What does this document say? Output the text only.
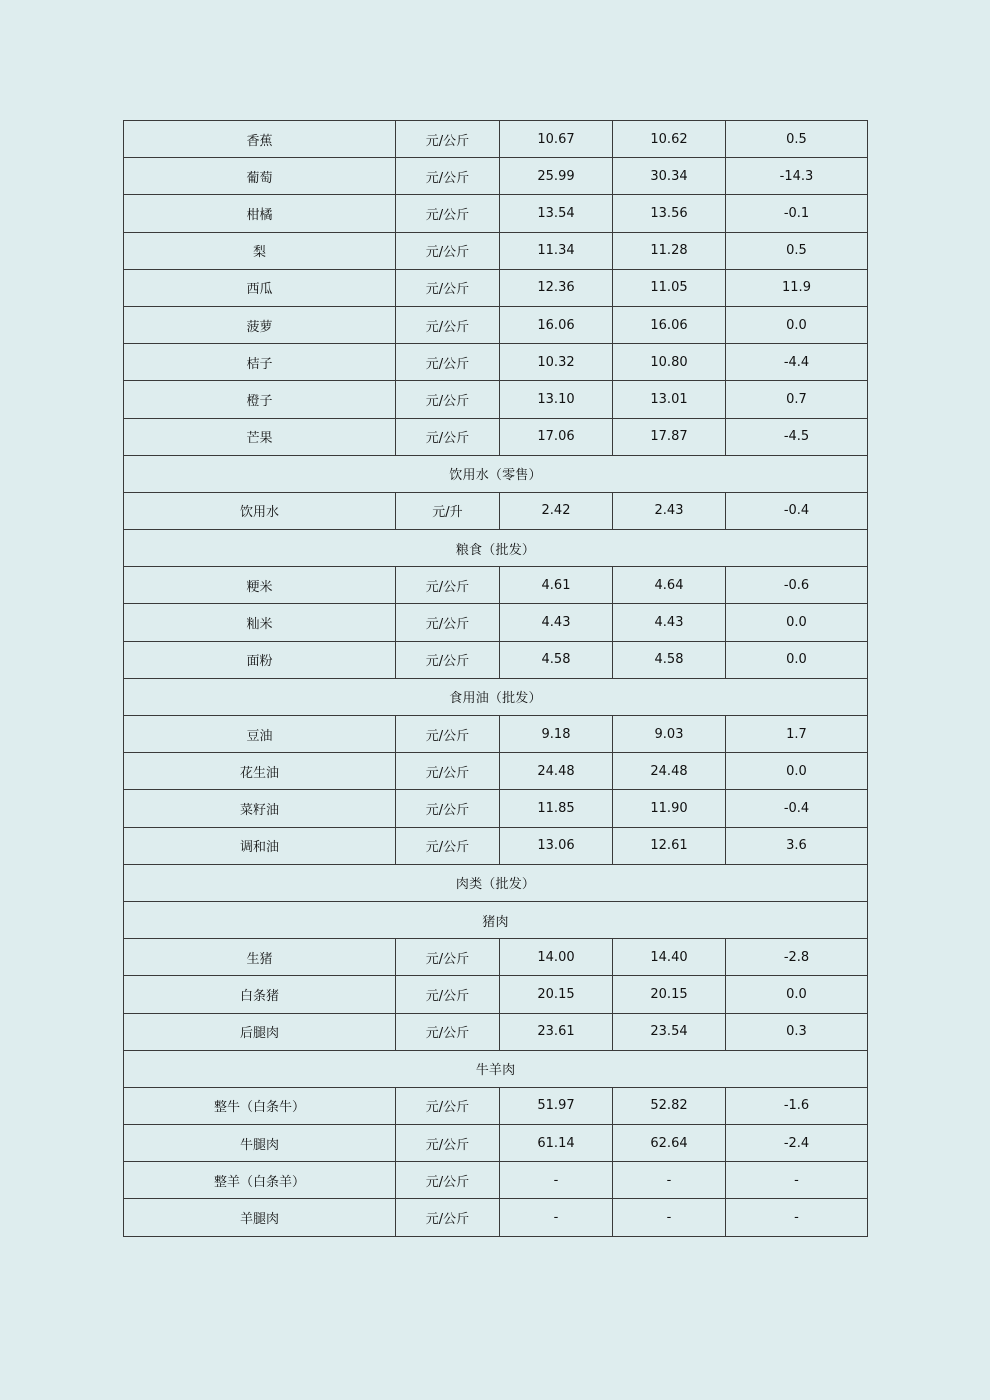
香蕉	元/公斤	10.67	10.62	0.5
葡萄	元/公斤	25.99	30.34	-14.3
柑橘	元/公斤	13.54	13.56	-0.1
梨	元/公斤	11.34	11.28	0.5
西瓜	元/公斤	12.36	11.05	11.9
菠萝	元/公斤	16.06	16.06	0.0
桔子	元/公斤	10.32	10.80	-4.4
橙子	元/公斤	13.10	13.01	0.7
芒果	元/公斤	17.06	17.87	-4.5
饮用水（零售）				
饮用水	元/升	2.42	2.43	-0.4
粮食（批发）				
粳米	元/公斤	4.61	4.64	-0.6
籼米	元/公斤	4.43	4.43	0.0
面粉	元/公斤	4.58	4.58	0.0
食用油（批发）				
豆油	元/公斤	9.18	9.03	1.7
花生油	元/公斤	24.48	24.48	0.0
菜籽油	元/公斤	11.85	11.90	-0.4
调和油	元/公斤	13.06	12.61	3.6
肉类（批发）				
猪肉				
生猪	元/公斤	14.00	14.40	-2.8
白条猪	元/公斤	20.15	20.15	0.0
后腿肉	元/公斤	23.61	23.54	0.3
牛羊肉				
整牛（白条牛）	元/公斤	51.97	52.82	-1.6
牛腿肉	元/公斤	61.14	62.64	-2.4
整羊（白条羊）	元/公斤	-	-	-
羊腿肉	元/公斤	-	-	-
